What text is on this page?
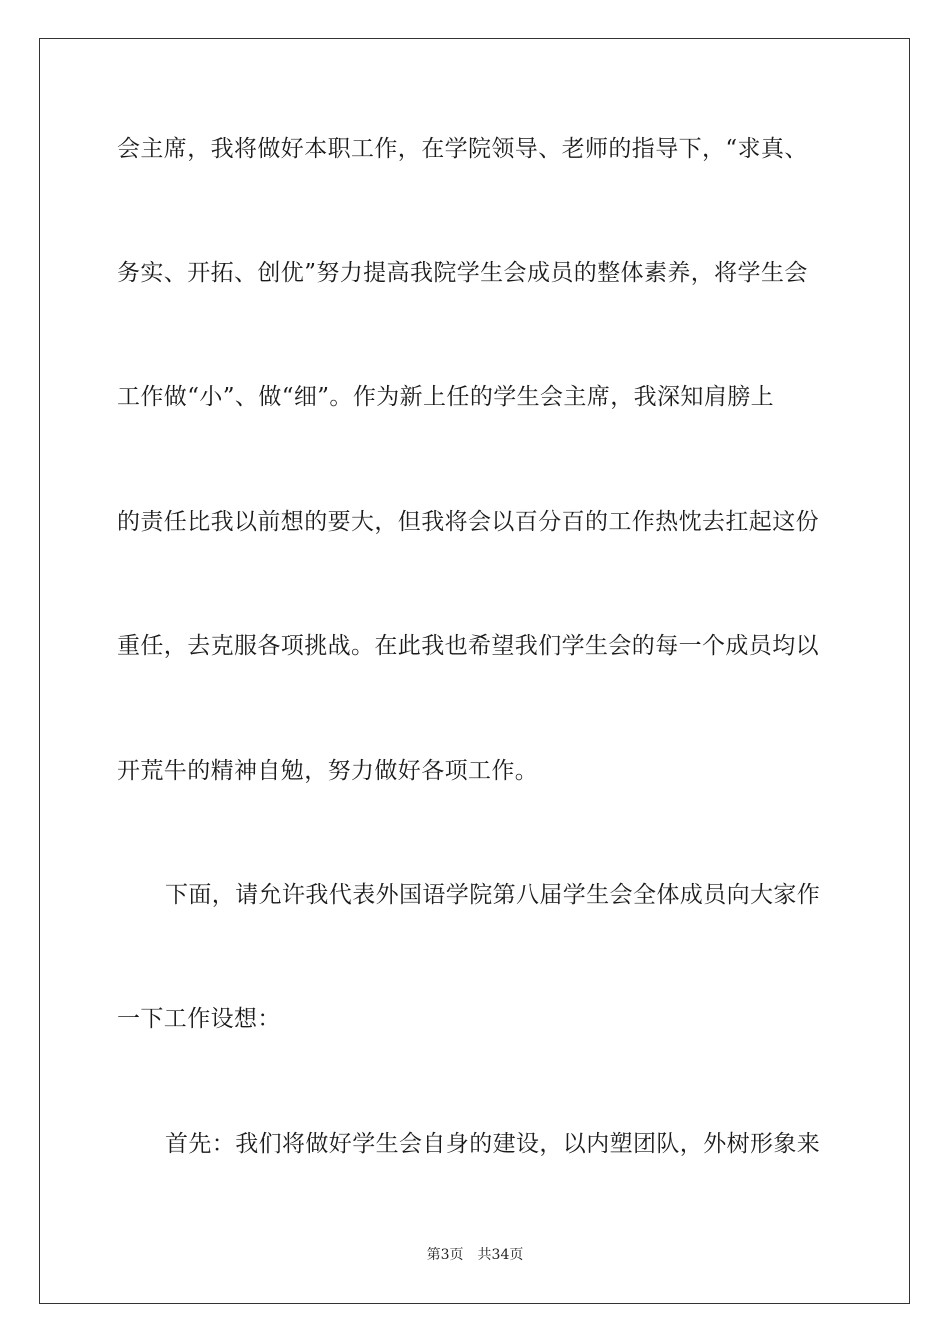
会主席，我将做好本职工作，在学院领导、老师的指导下，“求真、
务实、开拓、创优”努力提高我院学生会成员的整体素养，将学生会
工作做“小”、做“细”。作为新上任的学生会主席，我深知肩膀上
的责任比我以前想的要大，但我将会以百分百的工作热忱去扛起这份
重任，去克服各项挑战。在此我也希望我们学生会的每一个成员均以
开荒牛的精神自勉，努力做好各项工作。
下面，请允许我代表外国语学院第八届学生会全体成员向大家作
一下工作设想：
首先：我们将做好学生会自身的建设，以内塑团队，外树形象来
第3页 共34页
